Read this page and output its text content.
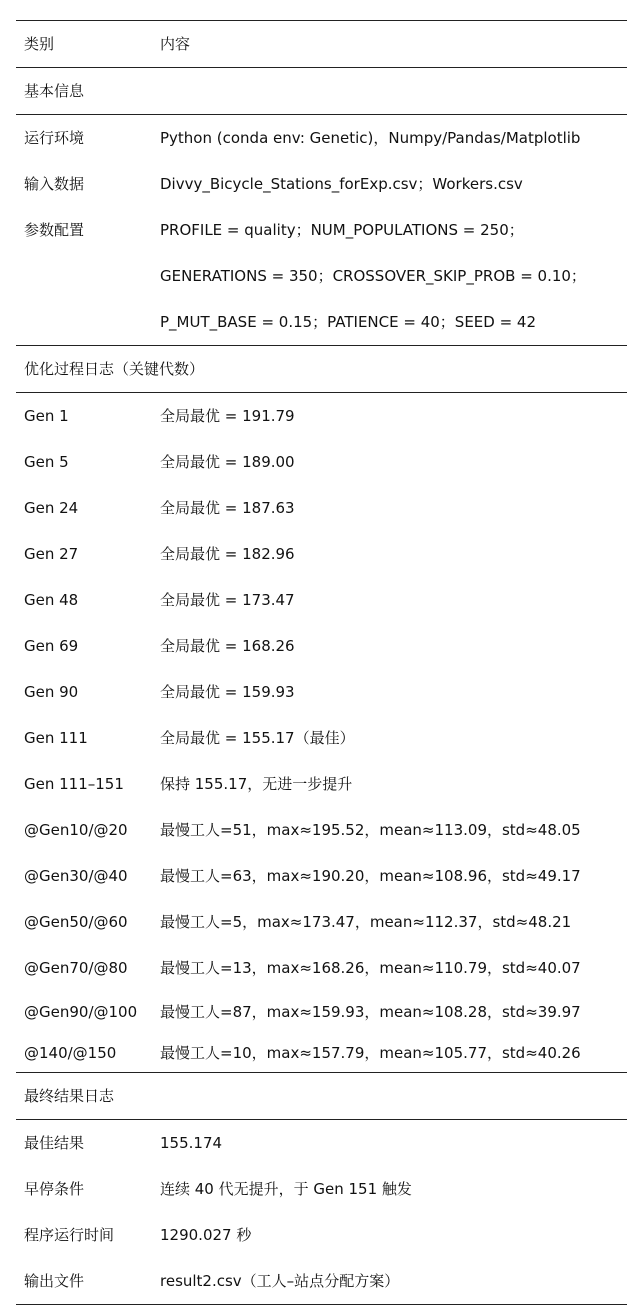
类别	内容
基本信息
运行环境	Python (conda env: Genetic)，Numpy/Pandas/Matplotlib
输入数据	Divvy_Bicycle_Stations_forExp.csv；Workers.csv
参数配置	PROFILE = quality；NUM_POPULATIONS = 250；
GENERATIONS = 350；CROSSOVER_SKIP_PROB = 0.10；
P_MUT_BASE = 0.15；PATIENCE = 40；SEED = 42
优化过程日志（关键代数）
Gen 1	全局最优 = 191.79
Gen 5	全局最优 = 189.00
Gen 24	全局最优 = 187.63
Gen 27	全局最优 = 182.96
Gen 48	全局最优 = 173.47
Gen 69	全局最优 = 168.26
Gen 90	全局最优 = 159.93
Gen 111	全局最优 = 155.17（最佳）
Gen 111–151 保持 155.17，无进一步提升
@Gen10/@20 最慢工人=51，max≈195.52，mean≈113.09，std≈48.05
@Gen30/@40 最慢工人=63，max≈190.20，mean≈108.96，std≈49.17
@Gen50/@60 最慢工人=5，max≈173.47，mean≈112.37，std≈48.21
@Gen70/@80 最慢工人=13，max≈168.26，mean≈110.79，std≈40.07
@Gen90/@100 最慢工人=87，max≈159.93，mean≈108.28，std≈39.97
@140/@150	最慢工人=10，max≈157.79，mean≈105.77，std≈40.26
最终结果日志
最佳结果	155.174
早停条件	连续 40 代无提升，于 Gen 151 触发
程序运行时间	1290.027 秒
输出文件	result2.csv（工人–站点分配方案）
